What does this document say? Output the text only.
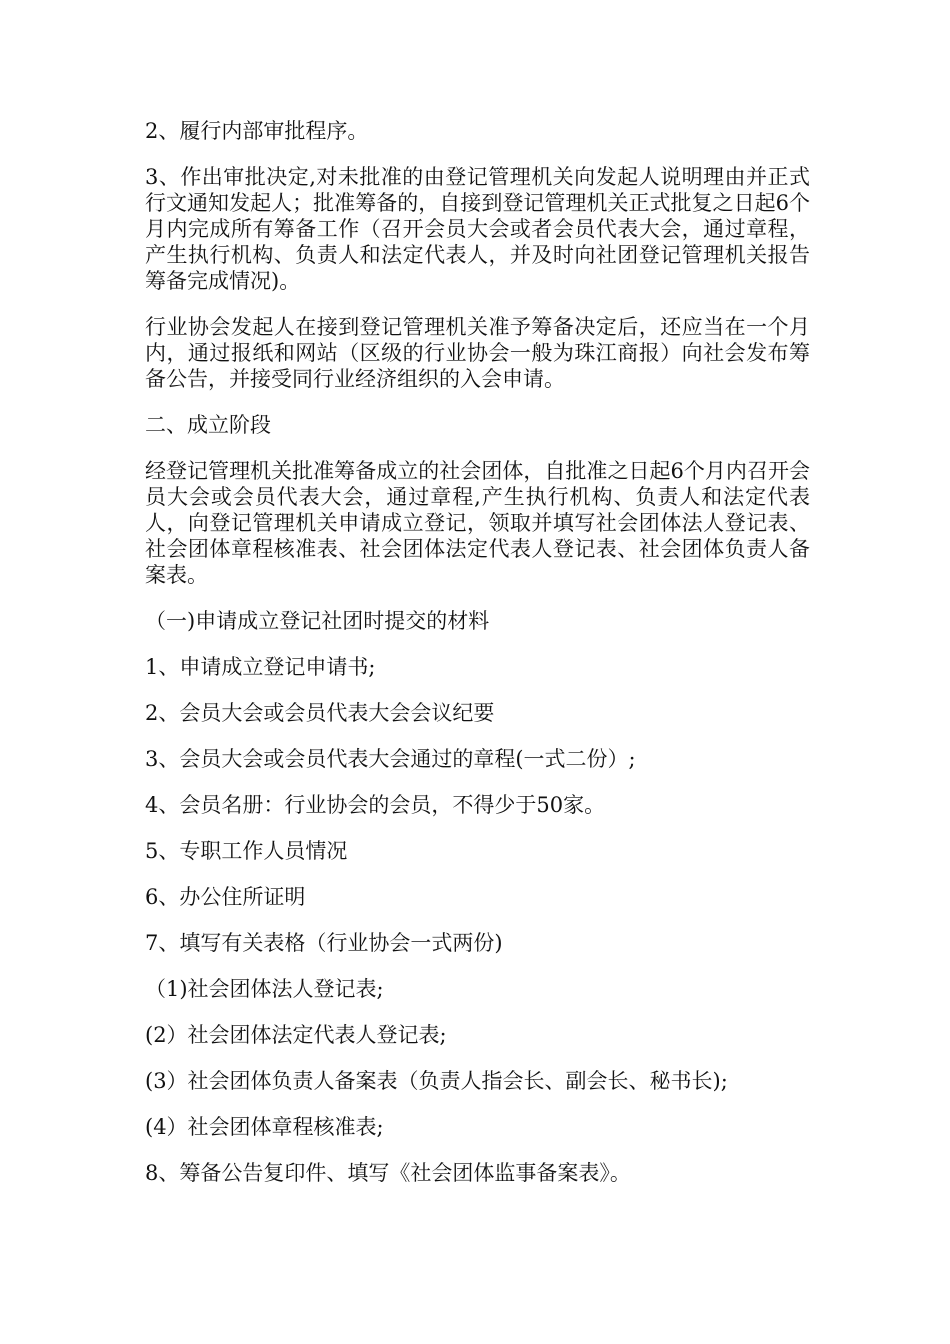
2、履行内部审批程序。

3、作出审批决定,对未批准的由登记管理机关向发起人说明理由并正式行文通知发起人；批准筹备的，自接到登记管理机关正式批复之日起6个月内完成所有筹备工作（召开会员大会或者会员代表大会，通过章程，产生执行机构、负责人和法定代表人，并及时向社团登记管理机关报告筹备完成情况)。

行业协会发起人在接到登记管理机关准予筹备决定后，还应当在一个月内，通过报纸和网站（区级的行业协会一般为珠江商报）向社会发布筹备公告，并接受同行业经济组织的入会申请。

二、成立阶段

经登记管理机关批准筹备成立的社会团体，自批准之日起6个月内召开会员大会或会员代表大会，通过章程,产生执行机构、负责人和法定代表人，向登记管理机关申请成立登记，领取并填写社会团体法人登记表、社会团体章程核准表、社会团体法定代表人登记表、社会团体负责人备案表。

（一)申请成立登记社团时提交的材料

1、申请成立登记申请书;

2、会员大会或会员代表大会会议纪要

3、会员大会或会员代表大会通过的章程(一式二份）;

4、会员名册：行业协会的会员，不得少于50家。

5、专职工作人员情况

6、办公住所证明

7、填写有关表格（行业协会一式两份)

（1)社会团体法人登记表;

(2）社会团体法定代表人登记表;

(3）社会团体负责人备案表（负责人指会长、副会长、秘书长);

(4）社会团体章程核准表;

8、筹备公告复印件、填写《社会团体监事备案表》。
